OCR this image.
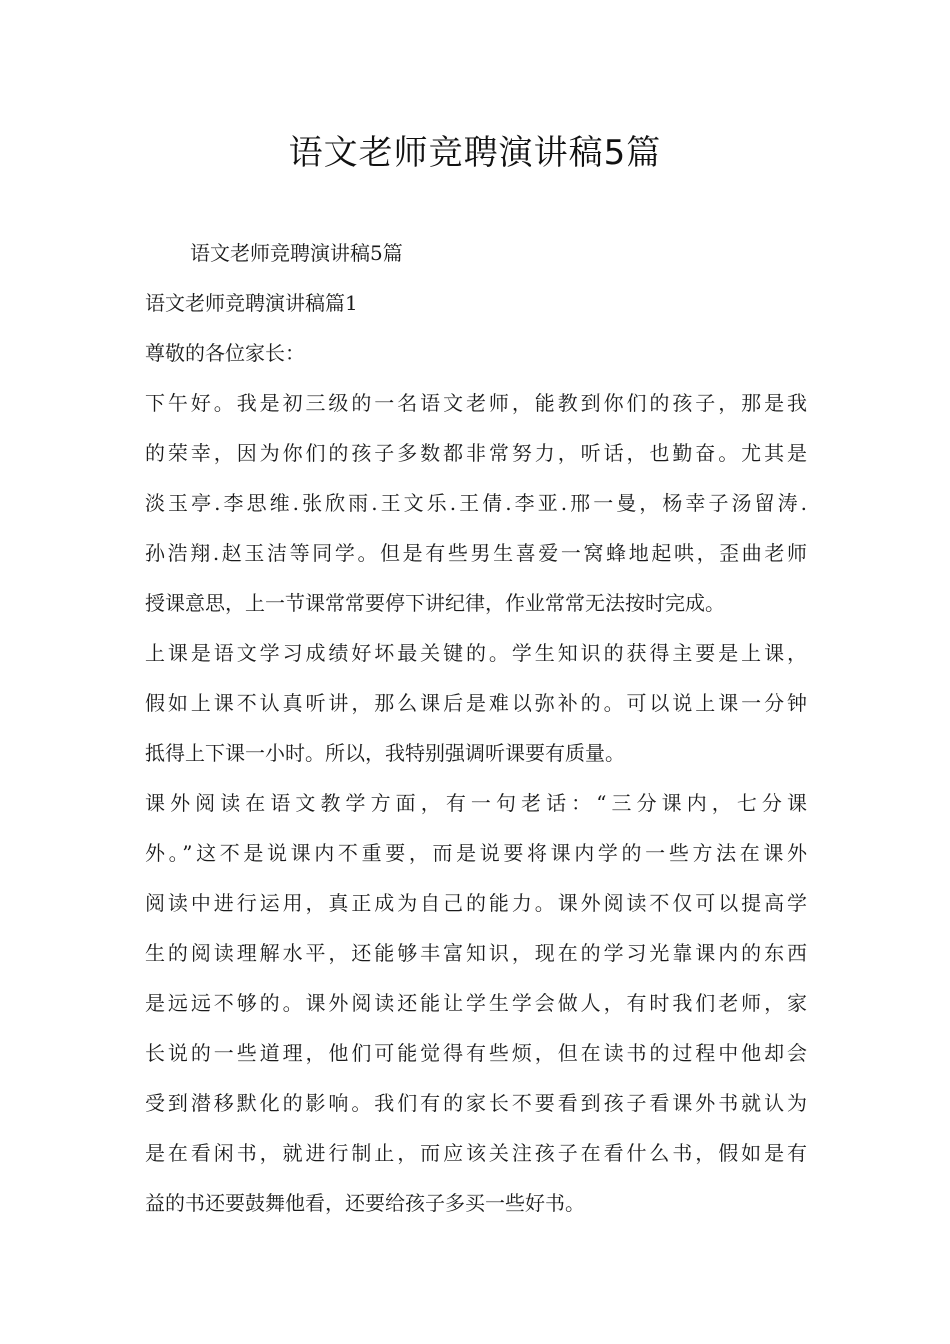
语文老师竞聘演讲稿5篇
语文老师竞聘演讲稿5篇
语文老师竞聘演讲稿篇1
尊敬的各位家长：
下午好。我是初三级的一名语文老师，能教到你们的孩子，那是我
的荣幸，因为你们的孩子多数都非常努力，听话，也勤奋。尤其是
淡玉亭.李思维.张欣雨.王文乐.王倩.李亚.邢一曼，杨幸子汤留涛.
孙浩翔.赵玉洁等同学。但是有些男生喜爱一窝蜂地起哄，歪曲老师
授课意思，上一节课常常要停下讲纪律，作业常常无法按时完成。
上课是语文学习成绩好坏最关键的。学生知识的获得主要是上课，
假如上课不认真听讲，那么课后是难以弥补的。可以说上课一分钟
抵得上下课一小时。所以，我特别强调听课要有质量。
课外阅读在语文教学方面，有一句老话：“三分课内，七分课
外。”这不是说课内不重要，而是说要将课内学的一些方法在课外
阅读中进行运用，真正成为自己的能力。课外阅读不仅可以提高学
生的阅读理解水平，还能够丰富知识，现在的学习光靠课内的东西
是远远不够的。课外阅读还能让学生学会做人，有时我们老师，家
长说的一些道理，他们可能觉得有些烦，但在读书的过程中他却会
受到潜移默化的影响。我们有的家长不要看到孩子看课外书就认为
是在看闲书，就进行制止，而应该关注孩子在看什么书，假如是有
益的书还要鼓舞他看，还要给孩子多买一些好书。
